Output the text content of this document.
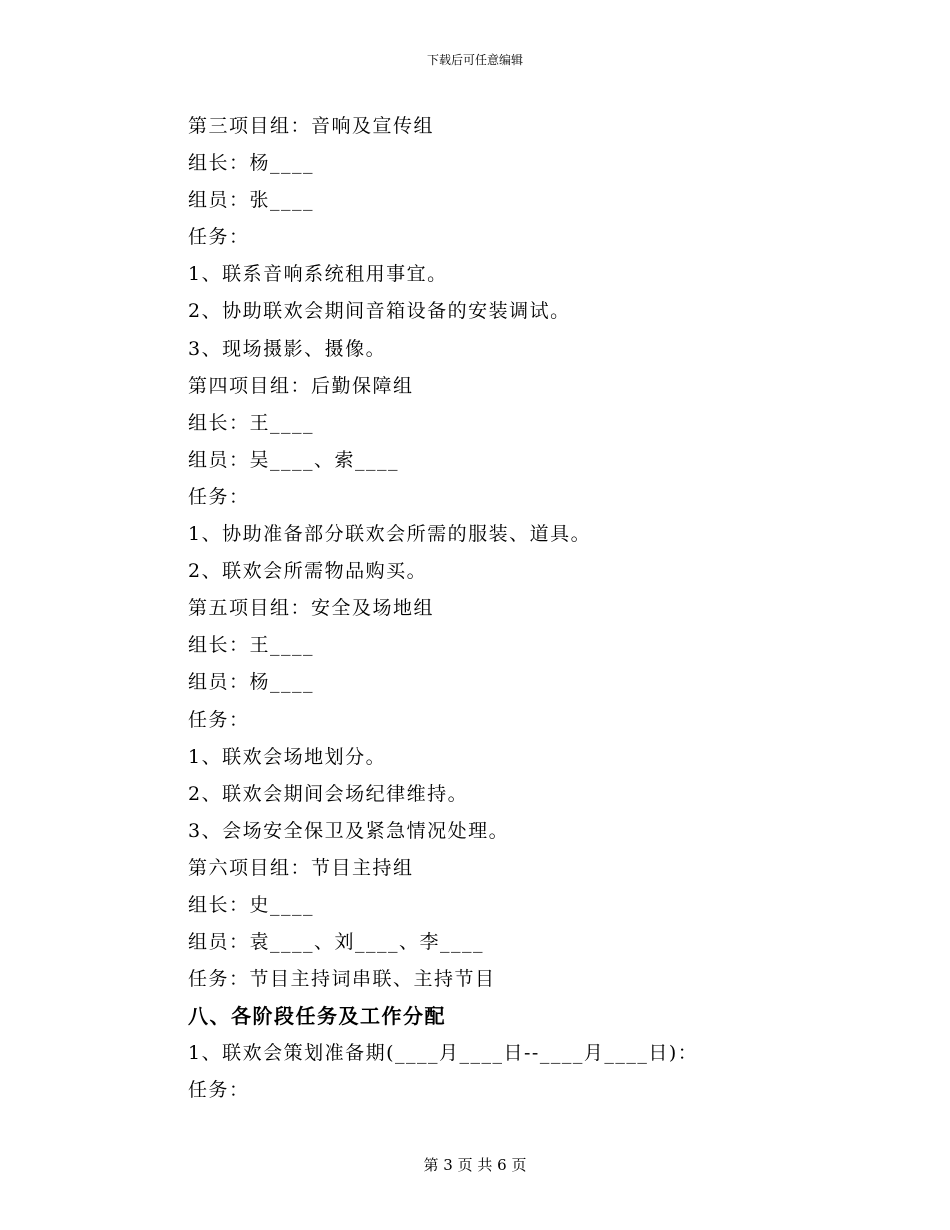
下载后可任意编辑
第三项目组：音响及宣传组
组长：杨____
组员：张____
任务：
1、联系音响系统租用事宜。
2、协助联欢会期间音箱设备的安装调试。
3、现场摄影、摄像。
第四项目组：后勤保障组
组长：王____
组员：吴____、索____
任务：
1、协助准备部分联欢会所需的服装、道具。
2、联欢会所需物品购买。
第五项目组：安全及场地组
组长：王____
组员：杨____
任务：
1、联欢会场地划分。
2、联欢会期间会场纪律维持。
3、会场安全保卫及紧急情况处理。
第六项目组：节目主持组
组长：史____
组员：袁____、刘____、李____
任务：节目主持词串联、主持节目
八、各阶段任务及工作分配
1、联欢会策划准备期(____月____日--____月____日)：
任务：
第 3 页 共 6 页
